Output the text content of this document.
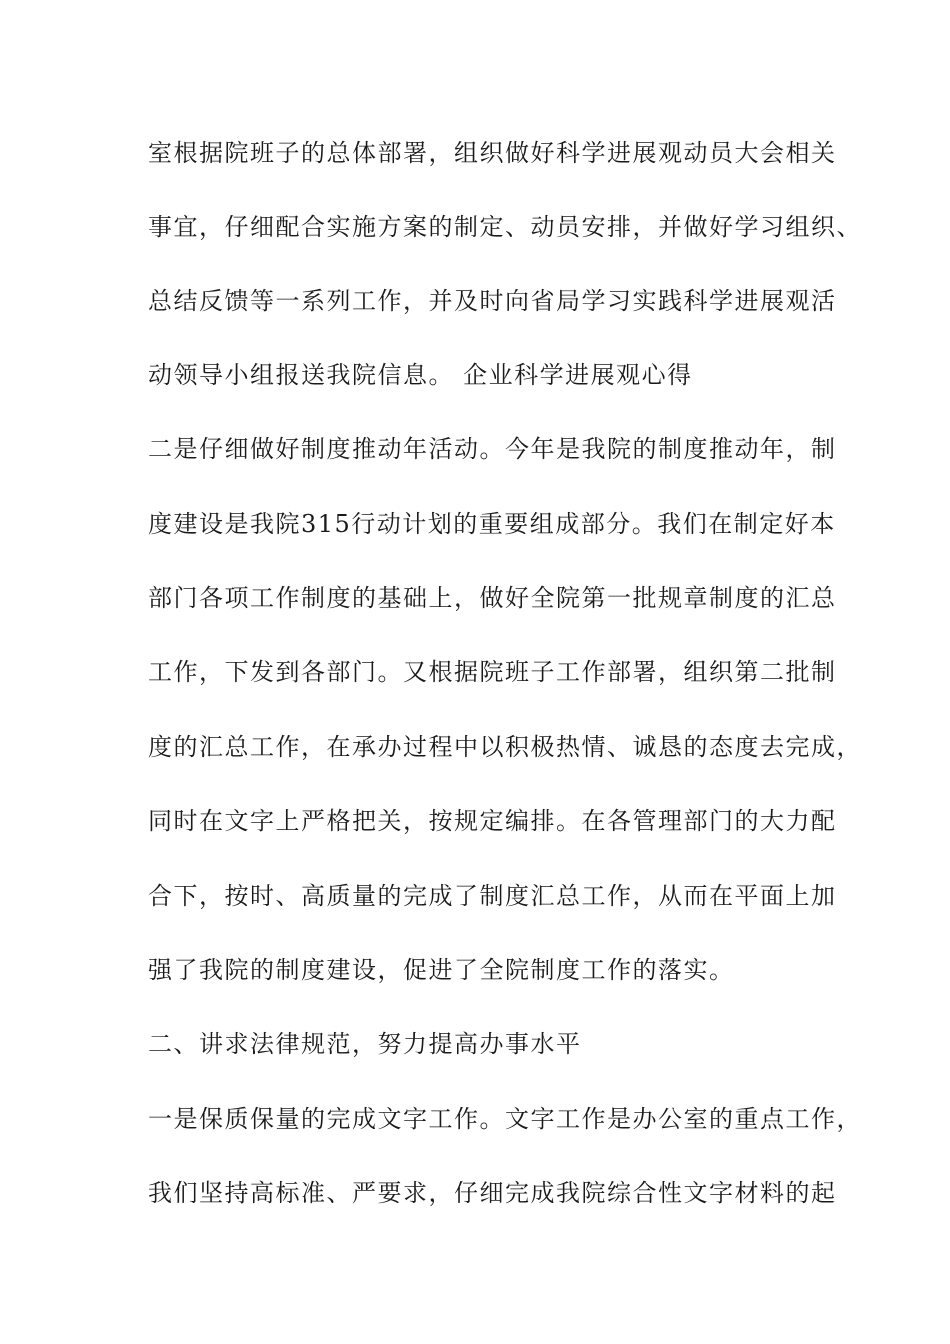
室根据院班子的总体部署，组织做好科学进展观动员大会相关
事宜，仔细配合实施方案的制定、动员安排，并做好学习组织、
总结反馈等一系列工作，并及时向省局学习实践科学进展观活
动领导小组报送我院信息。 企业科学进展观心得
二是仔细做好制度推动年活动。今年是我院的制度推动年，制
度建设是我院315行动计划的重要组成部分。我们在制定好本
部门各项工作制度的基础上，做好全院第一批规章制度的汇总
工作，下发到各部门。又根据院班子工作部署，组织第二批制
度的汇总工作，在承办过程中以积极热情、诚恳的态度去完成，
同时在文字上严格把关，按规定编排。在各管理部门的大力配
合下，按时、高质量的完成了制度汇总工作，从而在平面上加
强了我院的制度建设，促进了全院制度工作的落实。
二、讲求法律规范，努力提高办事水平
一是保质保量的完成文字工作。文字工作是办公室的重点工作，
我们坚持高标准、严要求，仔细完成我院综合性文字材料的起
